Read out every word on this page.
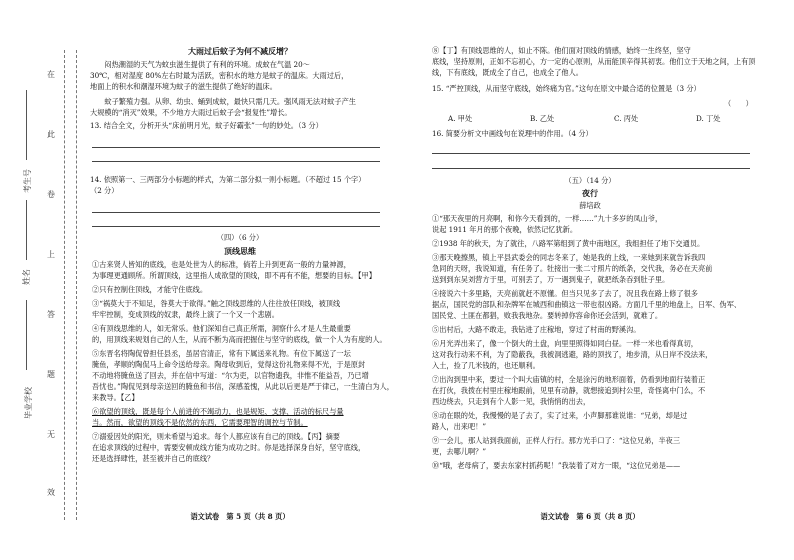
在
此
卷
上
答
题
无
效
毕业学校
姓名
考生号
大雨过后蚊子为何不减反增？
　　闷热潮湿的天气为蚊虫滋生提供了有利的环境。成蚊在气温 20～
30℃，相对湿度 80%左右时最为活跃，密积水的地方是蚊子的温床。大雨过后，
地面上的积水和潮湿环境为蚊子的滋生提供了绝好的温床。
　　蚊子繁殖力强。从卵、幼虫、蛹到成蚊，最快只需几天。强风雨无法对蚊子产生
大规模的“消灭”效果，不少地方大雨过后蚊子会“报复性”增长。
13. 结合全文，分析开头“床前明月光，蚊子好霸张”一句的妙处。（3 分）
14. 依照第一、三两部分小标题的样式，为第二部分拟一则小标题。（不超过 15 个字）
（2 分）
（四）（6 分）
顶线思维
①古来贤人皆知的底线，也是处世为人的标准，倘若上升到更高一般的力量神源，
为事理更通顾所。所谓顶线，这里指人成欲望的顶线，即不再有不能，想要的目标。【甲】
②只有控制住顶线，才能守住底线。
③“祸莫大于不知足，咎莫大于欲得。”触之顶线思维的人往往放任顶线，被顶线
牢牢控制，变成顶线的奴隶，最终上演了一个又一个悲剧。
④有顶线思维的人，如无常乐。他们深知自己真正所需，洞察什么才是人生最重要
的，用顶线来规划自己的人生，从而不断为高而把握住与坚守的底线，做一个人为有度的人。
⑤东晋名将陶侃曾担任县丞，虽居官清正，常有下属送来礼物。有位下属送了一坛
腌鱼，孝顺的陶侃马上命令送给母亲。陶母收到后，觉得这份礼物来得不光，于是原封
不动地将腌鱼送了回去，并在信中写道：“尔为吏，以官物遗我，非惟不能益吾，乃已增
吾忧也。”陶侃见到母亲送回的腌鱼和书信，深感羞愧，从此以后更是严于律己，一生清白为人，
来教导。【乙】
⑥欲望的顶线，既是每个人前进的不竭动力，也是规矩、支撑、活动的标尺与量
当。然而，欲望的顶线不是依然的东西，它需要理智的调控与节制。
⑦溺爱因处的阳光，则未希望与追求。每个人都应该有自己的顶线。【丙】摘要
在追求顶线的过程中，需要安顿成线方能为成功之时。你是选择深身自好，坚守底线，
还是选择肆性，甚至被并自己的底线？
语文试卷　第 5 页（共 8 页）
⑧【丁】有顶线思维的人，如止不陈。他们面对顶线的情感，始终一生终坚，坚守
底线，坚持原则，正如不忘初心，方一定的心原则，从而能顶辛得其初衷。他们立于天地之间，上有顶
线，下有底线，既成全了自己，也成全了他人。
15. “严控顶线，从而坚守底线，始终痛为官。”这句在原文中最合适的位置是（3 分）
（　　）
A. 甲处	B. 乙处	C. 丙处	D. 丁处
16. 简要分析文中画线句在说理中的作用。（4 分）
（五）（14 分）
夜行
薛培政
①“那天夜里的月亮啊，和你今天看到的，一样……”九十多岁的凤山爷，
说起 1911 年月的那个夜晚，依然记忆犹新。
②1938 年的秋天，为了就往，八路军第组到了黄中南地区，我组担任了地下交通员。
③那天晚擦黑，镇上平县武委会的同志冬来了，她是我的上线，一来她到来就告诉我四
急同的天呀，我说知道，有任务了。牡接出一张二寸照片的纸条，交代我，务必在天亮前
送到到东吴刘营方于里，可别丢了，万一遇到鬼子，就把纸条吞到肚子里。
④接说六十多里路，天亮前就赶不原懂。但当只见多了去了，况且我在路上修了很多
据点，国民党的部队和杂牌军在城西和曲镇这一带也很凶路。方面几千里的地盘上，日军、伪军、
国民党、土匪在都猖，败我我地杂。要转掉你容命你还会活到，就难了。
⑤出村后，大路不敢走，我钻进了庄稼地，穿过了村南的野溪沟。
⑥月光弄出来了，像一个倒大的土盘，向里里照得如同白昼。一样一米也看得真切，
这对我行动来不利，为了隐蔽我，我被洞逃避，路的顶找了，地步清，从日岸不没法来，
入土，捡了几米钱的，也还顺利。
⑦出沟到里中来，要过一个叫大庙镇的村，全是涂污的地形面着，仍看到地面行装着正
在打伙，我拨在村里庄稼地跟前，见里有动静，就想接追到村公里，奇怪离中门么，不
西边绕去，只走到有个人影一见，我悄悄的出去，
⑧动在眼的处，我慢慢的是了去了，实了过来，小声脚那谁说谁：“兄弟，却是过
路人，出来吧！”
⑨一会儿，那人站到我面前，正样人行行。那方光手口了：“这位兄弟，半夜三
更，去哪儿啊？”
⑩“哦，老母病了，要去东家村抓药呢！”我装着了对方一眼，“这位兄弟是——
语文试卷　第 6 页（共 8 页）
